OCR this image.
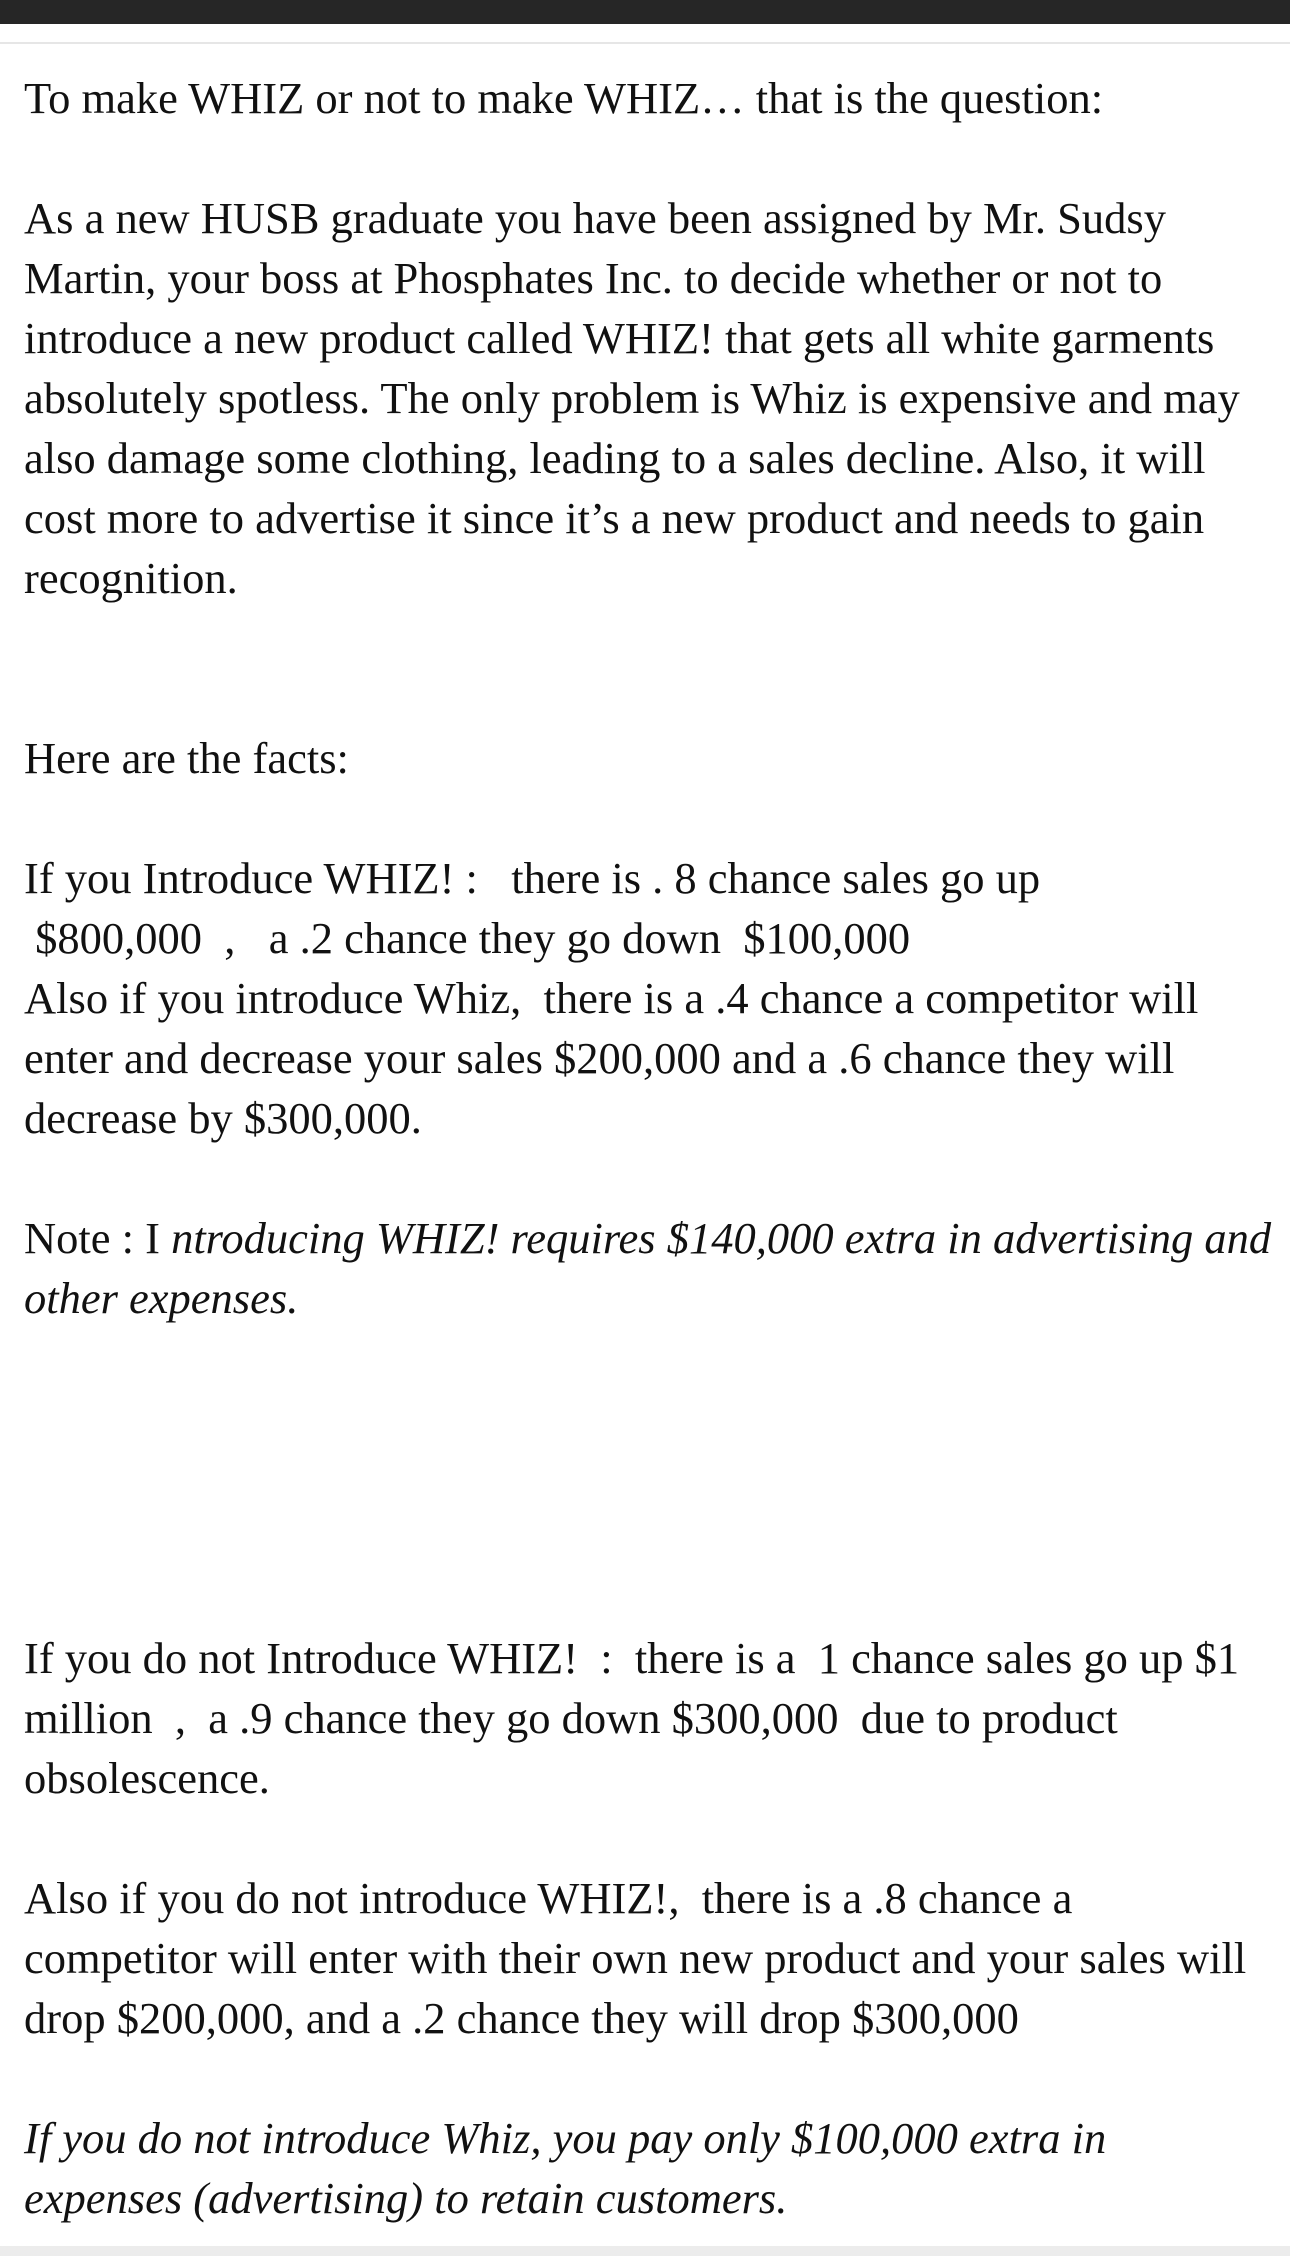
To make WHIZ or not to make WHIZ… that is the question:

As a new HUSB graduate you have been assigned by Mr. Sudsy Martin, your boss at Phosphates Inc. to decide whether or not to introduce a new product called WHIZ! that gets all white garments absolutely spotless. The only problem is Whiz is expensive and may also damage some clothing, leading to a sales decline. Also, it will cost more to advertise it since it’s a new product and needs to gain recognition.

Here are the facts:

If you Introduce WHIZ! :   there is . 8 chance sales go up

$800,000  ,   a .2 chance they go down  $100,000

Also if you introduce Whiz,  there is a .4 chance a competitor will enter and decrease your sales $200,000 and a .6 chance they will decrease by $300,000.

Note : I ntroducing WHIZ! requires $140,000 extra in advertising and other expenses.

If you do not Introduce WHIZ!  :  there is a  1 chance sales go up $1 million  ,  a .9 chance they go down $300,000  due to product obsolescence.

Also if you do not introduce WHIZ!,  there is a .8 chance a competitor will enter with their own new product and your sales will drop $200,000, and a .2 chance they will drop $300,000

If you do not introduce Whiz, you pay only $100,000 extra in expenses (advertising) to retain customers.
